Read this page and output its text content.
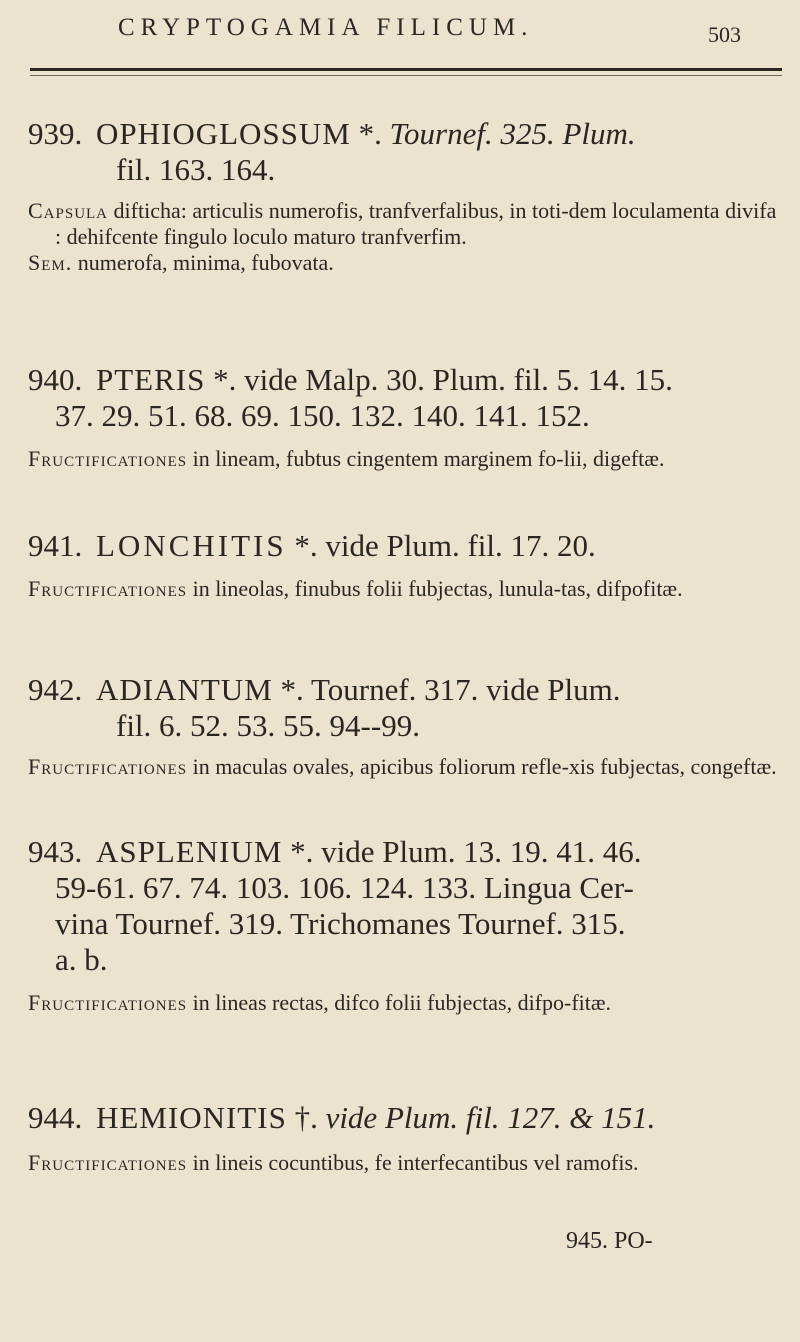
CRYPTOGAMIA FILICUM.	503

939. OPHIOGLOSSUM *. Tournef. 325. Plum.

fil. 163. 164.

Capsula difticha: articulis numerofis, tranfverfalibus, in toti-dem loculamenta divifa : dehifcente fingulo loculo maturo tranfverfim.

Sem. numerofa, minima, fubovata.

940. PTERIS *. vide Malp. 30. Plum. fil. 5. 14. 15.

37. 29. 51. 68. 69. 150. 132. 140. 141. 152.

Fructificationes in lineam, fubtus cingentem marginem fo-lii, digeftæ.

941. LONCHITIS *. vide Plum. fil. 17. 20.

Fructificationes in lineolas, finubus folii fubjectas, lunula-tas, difpofitæ.

942. ADIANTUM *. Tournef. 317. vide Plum.

fil. 6. 52. 53. 55. 94--99.

Fructificationes in maculas ovales, apicibus foliorum refle-xis fubjectas, congeftæ.

943. ASPLENIUM *. vide Plum. 13. 19. 41. 46.

59-61. 67. 74. 103. 106. 124. 133. Lingua Cer-

vina Tournef. 319. Trichomanes Tournef. 315.

a. b.

Fructificationes in lineas rectas, difco folii fubjectas, difpo-fitæ.

944. HEMIONITIS †. vide Plum. fil. 127. & 151.

Fructificationes in lineis cocuntibus, fe interfecantibus vel ramofis.

945. PO-
